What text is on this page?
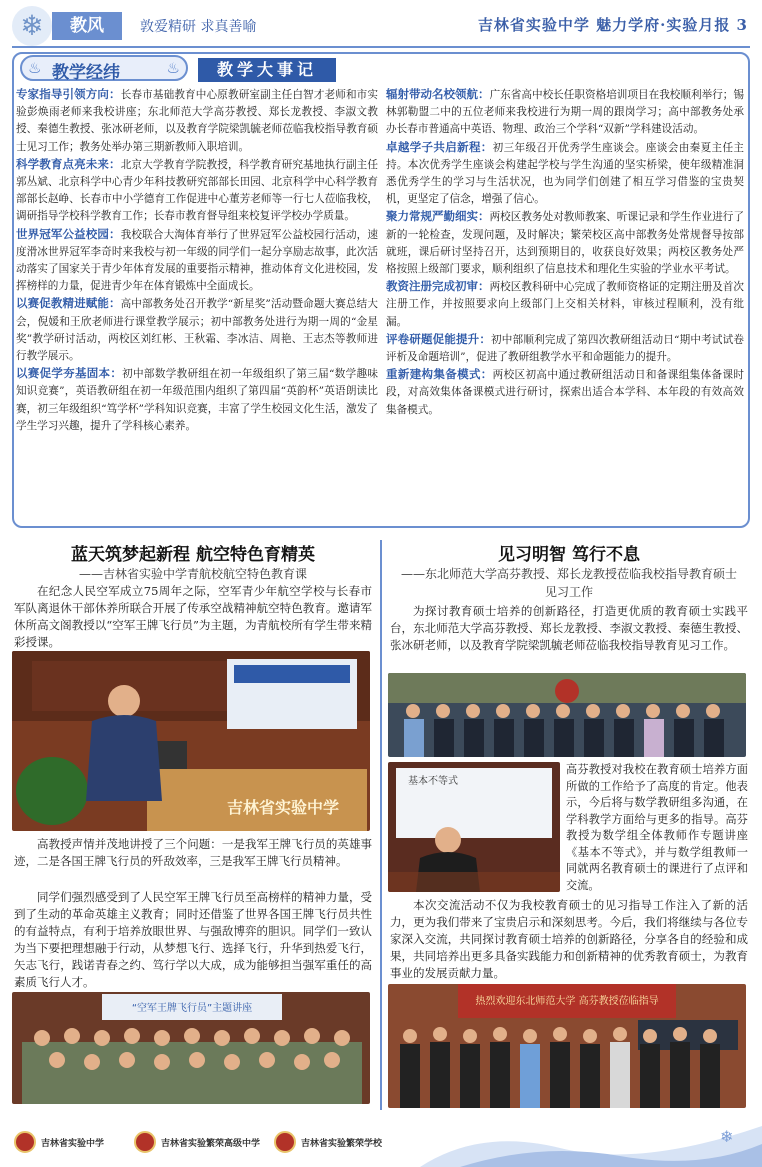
❄	教风	敦爱精研 求真善喻	吉林省实验中学 魅力学府·实验月报 3
♨ 教学经纬	♨	教学大事记

专家指导引领方向：长春市基础教育中心原教研室副主任白智才老师和市实验彭焕雨老师来我校讲座；东北师范大学高芬教授、郑长龙教授、李淑文教授、秦德生教授、张冰研老师，以及教育学院梁凯毓老师莅临我校指导教育硕士见习工作；教务处举办第三期新教师入职培训。

科学教育点亮未来：北京大学教育学院教授，科学教育研究基地执行副主任郭丛斌、北京科学中心青少年科技教研究部部长田园、北京科学中心科学教育部部长赵峥、长春市中小学德育工作促进中心董芳老师等一行七人莅临我校，调研指导学校科学教育工作；长春市教育督导组来校复评学校办学质量。

世界冠军公益校园：我校联合大淘体育举行了世界冠军公益校园行活动，速度滑冰世界冠军李奇时来我校与初一年级的同学们一起分享励志故事，此次活动落实了国家关于青少年体育发展的重要指示精神，推动体育文化进校园，发挥榜样的力量，促进青少年在体育锻炼中全面成长。

以赛促教精进赋能：高中部教务处召开教学“新星奖”活动暨命题大赛总结大会，倪媛和王欣老师进行课堂教学展示；初中部教务处进行为期一周的“金星奖”教学研讨活动，两校区刘红彬、王秋霜、李冰洁、周艳、王志杰等教师进行教学展示。

以赛促学夯基固本：初中部数学教研组在初一年级组织了第三届“数学趣味知识竞赛”，英语教研组在初一年级范围内组织了第四届“英韵杯”英语朗读比赛，初三年级组织“笃学杯”学科知识竞赛，丰富了学生校园文化生活，激发了学生学习兴趣，提升了学科核心素养。

辐射带动名校领航：广东省高中校长任职资格培训项目在我校顺利举行；锡林郭勒盟二中的五位老师来我校进行为期一周的跟岗学习；高中部教务处承办长春市普通高中英语、物理、政治三个学科“双新”学科建设活动。

卓越学子共启新程：初三年级召开优秀学生座谈会。座谈会由秦夏主任主持。本次优秀学生座谈会构建起学校与学生沟通的坚实桥梁，使年级精准洞悉优秀学生的学习与生活状况，也为同学们创建了相互学习借鉴的宝贵契机，更坚定了信念，增强了信心。

聚力常规严勤细实：两校区教务处对教师教案、听课记录和学生作业进行了新的一轮检查，发现问题，及时解决；繁荣校区高中部教务处常规督导按部就班，课后研讨坚持召开，达到预期目的，收获良好效果；两校区教务处严格按照上级部门要求，顺利组织了信息技术和理化生实验的学业水平考试。

教资注册完成初审：两校区教科研中心完成了教师资格证的定期注册及首次注册工作，并按照要求向上级部门上交相关材料，审核过程顺利，没有纰漏。

评卷研题促能提升：初中部顺利完成了第四次教研组活动日“期中考试试卷评析及命题培训”，促进了教研组教学水平和命题能力的提升。

重新建构集备模式：两校区初高中通过教研组活动日和备课组集体备课时段，对高效集体备课模式进行研讨，探索出适合本学科、本年段的有效高效集备模式。

蓝天筑梦起新程 航空特色育精英
——吉林省实验中学青航校航空特色教育课
在纪念人民空军成立75周年之际，空军青少年航空学校与长春市军队离退休干部休养所联合开展了传承空战精神航空特色教育。邀请军休所高文阁教授以“空军王牌飞行员”为主题，为青航校所有学生带来精彩授课。
吉林省实验中学
高教授声情并茂地讲授了三个问题：一是我军王牌飞行员的英雄事迹，二是各国王牌飞行员的歼敌效率，三是我军王牌飞行员精神。
同学们强烈感受到了人民空军王牌飞行员至高榜样的精神力量，受到了生动的革命英雄主义教育；同时还借鉴了世界各国王牌飞行员共性的有益特点，有利于培养放眼世界、与强敌博弈的胆识。同学们一致认为当下要把理想融于行动，从梦想飞行、选择飞行，升华到热爱飞行，矢志飞行，践诺青春之约、笃行学以大成，成为能够担当强军重任的高素质飞行人才。
“空军王牌飞行员”主题讲座
见习明智 笃行不息
——东北师范大学高芬教授、郑长龙教授莅临我校指导教育硕士见习工作
为探讨教育硕士培养的创新路径，打造更优质的教育硕士实践平台，东北师范大学高芬教授、郑长龙教授、李淑文教授、秦德生教授、张冰研老师，以及教育学院梁凯毓老师莅临我校指导教育见习工作。
基本不等式
高芬教授对我校在教育硕士培养方面所做的工作给予了高度的肯定。他表示，今后将与数学教研组多沟通，在学科教学方面给与更多的指导。高芬教授为数学组全体教师作专题讲座《基本不等式》，并与数学组教师一同就两名教育硕士的课进行了点评和交流。
本次交流活动不仅为我校教育硕士的见习指导工作注入了新的活力，更为我们带来了宝贵启示和深刻思考。今后，我们将继续与各位专家深入交流，共同探讨教育硕士培养的创新路径，分享各自的经验和成果，共同培养出更多具备实践能力和创新精神的优秀教育硕士，为教育事业的发展贡献力量。
热烈欢迎东北师范大学 高芬教授莅临指导
吉林省实验中学	吉林省实验繁荣高级中学	吉林省实验繁荣学校	❄
